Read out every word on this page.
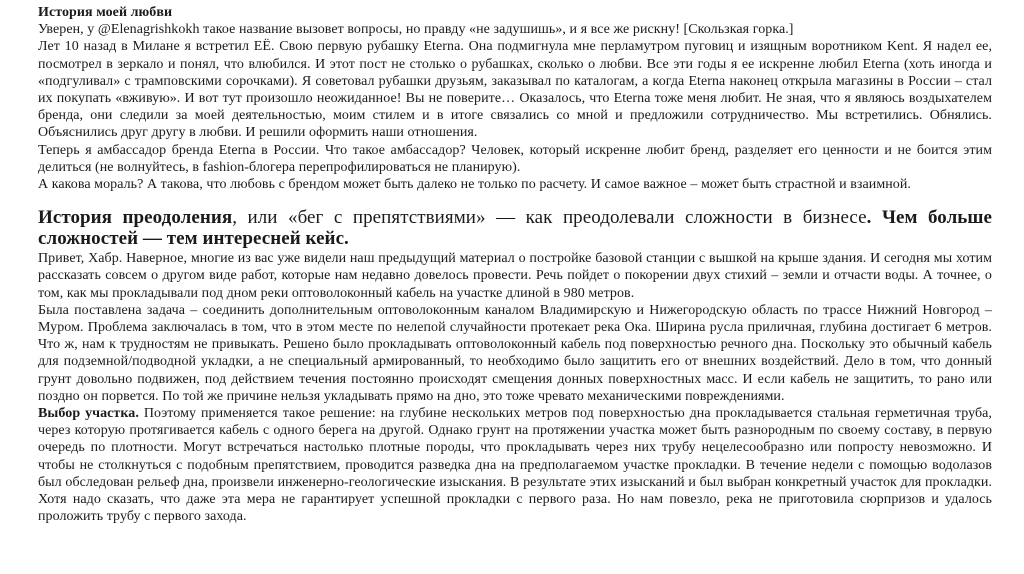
История моей любви

Уверен, у @Elenagrishkokh такое название вызовет вопросы, но правду «не задушишь», и я все же рискну! [Скользкая горка.]

Лет 10 назад в Милане я встретил ЕЁ. Свою первую рубашку Eterna. Она подмигнула мне перламутром пуговиц и изящным воротником Kent. Я надел ее, посмотрел в зеркало и понял, что влюбился. И этот пост не столько о рубашках, сколько о любви. Все эти годы я ее искренне любил Eterna (хоть иногда и «подгуливал» с трамповскими сорочками). Я советовал рубашки друзьям, заказывал по каталогам, а когда Eterna наконец открыла магазины в России – стал их покупать «вживую». И вот тут произошло неожиданное! Вы не поверите… Оказалось, что Eterna тоже меня любит. Не зная, что я являюсь воздыхателем бренда, они следили за моей деятельностью, моим стилем и в итоге связались со мной и предложили сотрудничество. Мы встретились. Обнялись. Объяснились друг другу в любви. И решили оформить наши отношения.

Теперь я амбассадор бренда Eterna в России. Что такое амбассадор? Человек, который искренне любит бренд, разделяет его ценности и не боится этим делиться (не волнуйтесь, в fashion-блогера перепрофилироваться не планирую).

А какова мораль? А такова, что любовь с брендом может быть далеко не только по расчету. И самое важное – может быть страстной и взаимной.

История преодоления, или «бег с препятствиями» — как преодолевали сложности в бизнесе. Чем больше сложностей — тем интересней кейс.

Привет, Хабр. Наверное, многие из вас уже видели наш предыдущий материал о постройке базовой станции с вышкой на крыше здания. И сегодня мы хотим рассказать совсем о другом виде работ, которые нам недавно довелось провести. Речь пойдет о покорении двух стихий – земли и отчасти воды. А точнее, о том, как мы прокладывали под дном реки оптоволоконный кабель на участке длиной в 980 метров.

Была поставлена задача – соединить дополнительным оптоволоконным каналом Владимирскую и Нижегородскую область по трассе Нижний Новгород – Муром. Проблема заключалась в том, что в этом месте по нелепой случайности протекает река Ока. Ширина русла приличная, глубина достигает 6 метров. Что ж, нам к трудностям не привыкать. Решено было прокладывать оптоволоконный кабель под поверхностью речного дна. Поскольку это обычный кабель для подземной/подводной укладки, а не специальный армированный, то необходимо было защитить его от внешних воздействий. Дело в том, что донный грунт довольно подвижен, под действием течения постоянно происходят смещения донных поверхностных масс. И если кабель не защитить, то рано или поздно он порвется. По той же причине нельзя укладывать прямо на дно, это тоже чревато механическими повреждениями.

Выбор участка. Поэтому применяется такое решение: на глубине нескольких метров под поверхностью дна прокладывается стальная герметичная труба, через которую протягивается кабель с одного берега на другой. Однако грунт на протяжении участка может быть разнородным по своему составу, в первую очередь по плотности. Могут встречаться настолько плотные породы, что прокладывать через них трубу нецелесообразно или попросту невозможно. И чтобы не столкнуться с подобным препятствием, проводится разведка дна на предполагаемом участке прокладки. В течение недели с помощью водолазов был обследован рельеф дна, произвели инженерно-геологические изыскания. В результате этих изысканий и был выбран конкретный участок для прокладки. Хотя надо сказать, что даже эта мера не гарантирует успешной прокладки с первого раза. Но нам повезло, река не приготовила сюрпризов и удалось проложить трубу с первого захода.
